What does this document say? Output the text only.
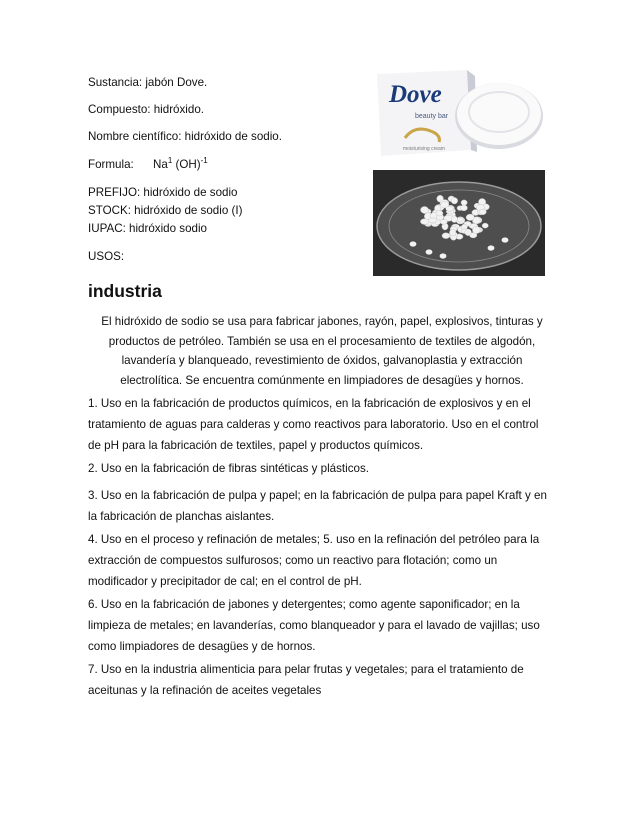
Sustancia: jabón Dove.
Compuesto: hidróxido.
Nombre científico: hidróxido de sodio.
Formula: Na$^1$ (OH)$^{-1}$
PREFIJO: hidróxido de sodio
STOCK: hidróxido de sodio (I)
IUPAC: hidróxido sodio
USOS:
industria
El hidróxido de sodio se usa para fabricar jabones, rayón, papel, explosivos, tinturas y productos de petróleo. También se usa en el procesamiento de textiles de algodón, lavandería y blanqueado, revestimiento de óxidos, galvanoplastia y extracción electrolítica. Se encuentra comúnmente en limpiadores de desagües y hornos.
1. Uso en la fabricación de productos químicos, en la fabricación de explosivos y en el tratamiento de aguas para calderas y como reactivos para laboratorio. Uso en el control de pH para la fabricación de textiles, papel y productos químicos.
2. Uso en la fabricación de fibras sintéticas y plásticos.
3. Uso en la fabricación de pulpa y papel; en la fabricación de pulpa para papel Kraft y en la fabricación de planchas aislantes.
4. Uso en el proceso y refinación de metales; 5. uso en la refinación del petróleo para la extracción de compuestos sulfurosos; como un reactivo para flotación; como un modificador y precipitador de cal; en el control de pH.
6. Uso en la fabricación de jabones y detergentes; como agente saponificador; en la limpieza de metales; en lavanderías, como blanqueador y para el lavado de vajillas; uso como limpiadores de desagües y de hornos.
7. Uso en la industria alimenticia para pelar frutas y vegetales; para el tratamiento de aceitunas y la refinación de aceites vegetales
Dove
beauty bar
moisturising cream
